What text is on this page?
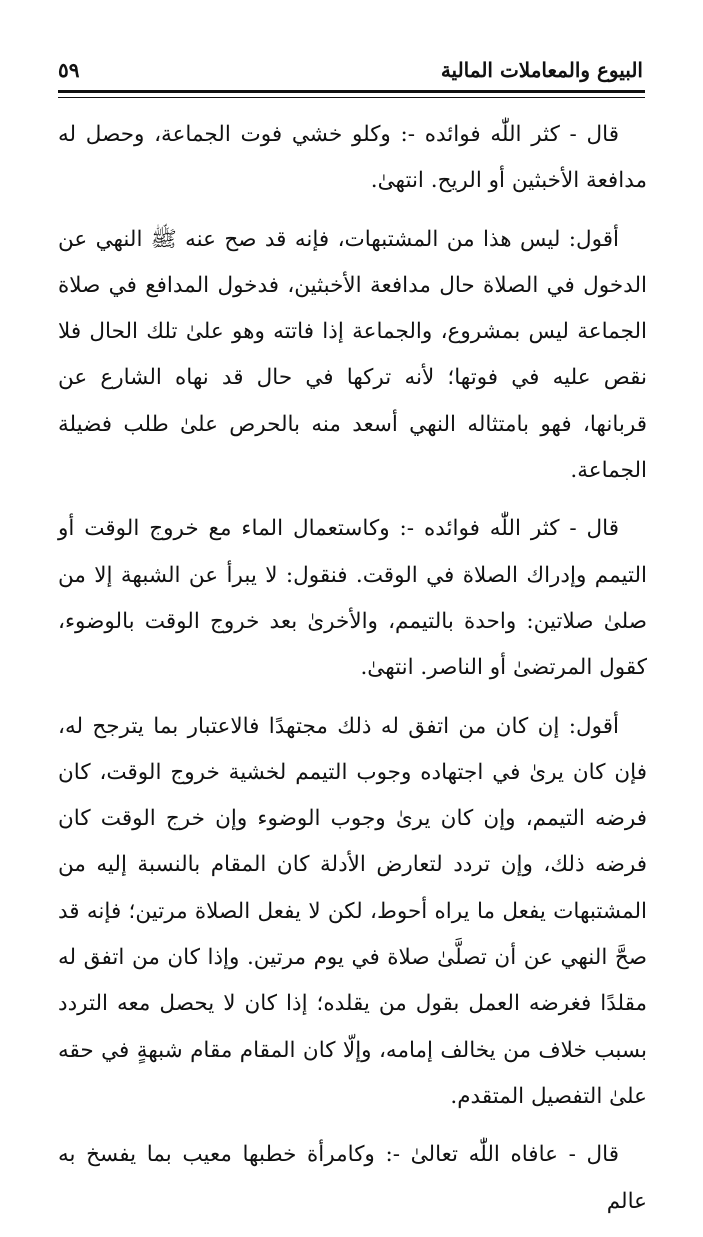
البيوع والمعاملات المالية
٥٩

قال - كثر اللّٰه فوائده -: وكلو خشي فوت الجماعة، وحصل له مدافعة الأخبثين أو الريح. انتهىٰ.

أقول: ليس هذا من المشتبهات، فإنه قد صح عنه ﷺ النهي عن الدخول في الصلاة حال مدافعة الأخبثين، فدخول المدافع في صلاة الجماعة ليس بمشروع، والجماعة إذا فاتته وهو علىٰ تلك الحال فلا نقص عليه في فوتها؛ لأنه تركها في حال قد نهاه الشارع عن قربانها، فهو بامتثاله النهي أسعد منه بالحرص علىٰ طلب فضيلة الجماعة.

قال - كثر اللّٰه فوائده -: وكاستعمال الماء مع خروج الوقت أو التيمم وإدراك الصلاة في الوقت. فنقول: لا يبرأ عن الشبهة إلا من صلىٰ صلاتين: واحدة بالتيمم، والأخرىٰ بعد خروج الوقت بالوضوء، كقول المرتضىٰ أو الناصر. انتهىٰ.

أقول: إن كان من اتفق له ذلك مجتهدًا فالاعتبار بما يترجح له، فإن كان يرىٰ في اجتهاده وجوب التيمم لخشية خروج الوقت، كان فرضه التيمم، وإن كان يرىٰ وجوب الوضوء وإن خرج الوقت كان فرضه ذلك، وإن تردد لتعارض الأدلة كان المقام بالنسبة إليه من المشتبهات يفعل ما يراه أحوط، لكن لا يفعل الصلاة مرتين؛ فإنه قد صحَّ النهي عن أن تصلَّىٰ صلاة في يوم مرتين. وإذا كان من اتفق له مقلدًا فغرضه العمل بقول من يقلده؛ إذا كان لا يحصل معه التردد بسبب خلاف من يخالف إمامه، وإلّا كان المقام مقام شبهةٍ في حقه علىٰ التفصيل المتقدم.

قال - عافاه اللّٰه تعالىٰ -: وكامرأة خطبها معيب بما يفسخ به عالم
